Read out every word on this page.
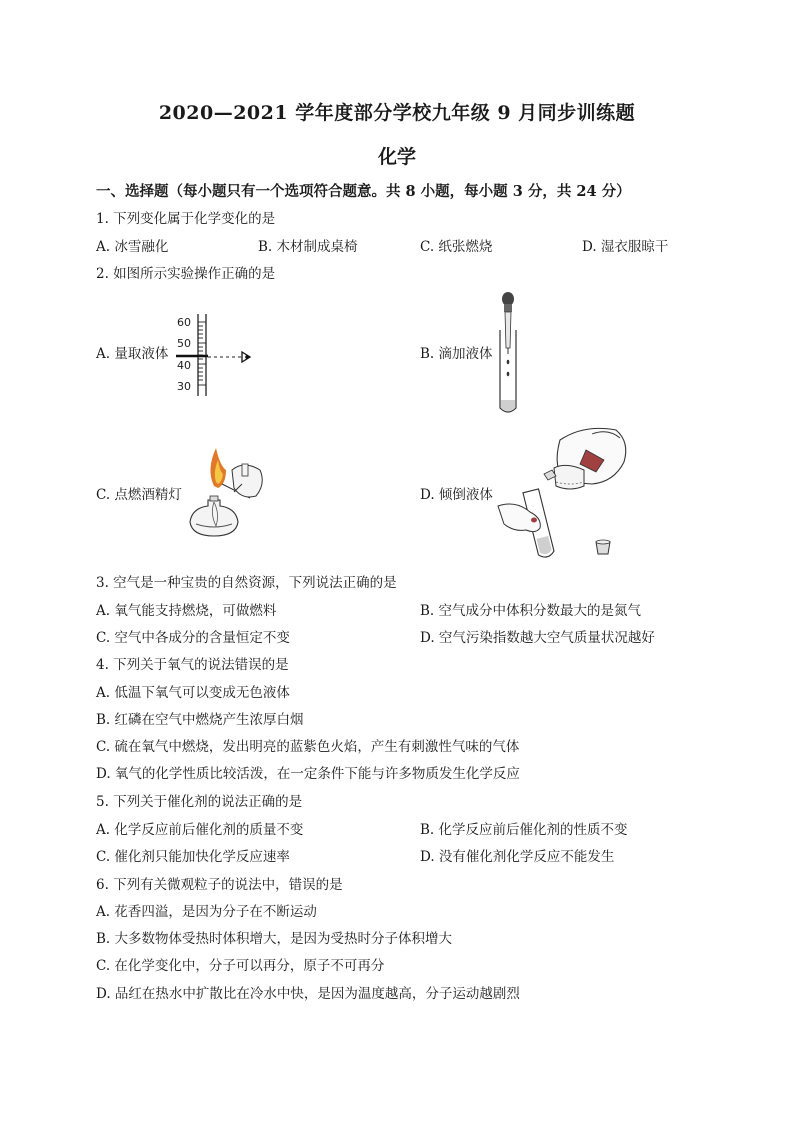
2020—2021 学年度部分学校九年级 9 月同步训练题
化学
一、选择题（每小题只有一个选项符合题意。共 8 小题，每小题 3 分，共 24 分）
1. 下列变化属于化学变化的是
A. 冰雪融化	B. 木材制成桌椅	C. 纸张燃烧	D. 湿衣服晾干
2. 如图所示实验操作正确的是
A. 量取液体
60
50
40
30
B. 滴加液体
C. 点燃酒精灯	D. 倾倒液体
3. 空气是一种宝贵的自然资源，下列说法正确的是
A. 氧气能支持燃烧，可做燃料	B. 空气成分中体积分数最大的是氮气
C. 空气中各成分的含量恒定不变	D. 空气污染指数越大空气质量状况越好
4. 下列关于氧气的说法错误的是
A. 低温下氧气可以变成无色液体
B. 红磷在空气中燃烧产生浓厚白烟
C. 硫在氧气中燃烧，发出明亮的蓝紫色火焰，产生有刺激性气味的气体
D. 氧气的化学性质比较活泼，在一定条件下能与许多物质发生化学反应
5. 下列关于催化剂的说法正确的是
A. 化学反应前后催化剂的质量不变	B. 化学反应前后催化剂的性质不变
C. 催化剂只能加快化学反应速率	D. 没有催化剂化学反应不能发生
6. 下列有关微观粒子的说法中，错误的是
A. 花香四溢，是因为分子在不断运动
B. 大多数物体受热时体积增大，是因为受热时分子体积增大
C. 在化学变化中，分子可以再分，原子不可再分
D. 品红在热水中扩散比在冷水中快，是因为温度越高，分子运动越剧烈
